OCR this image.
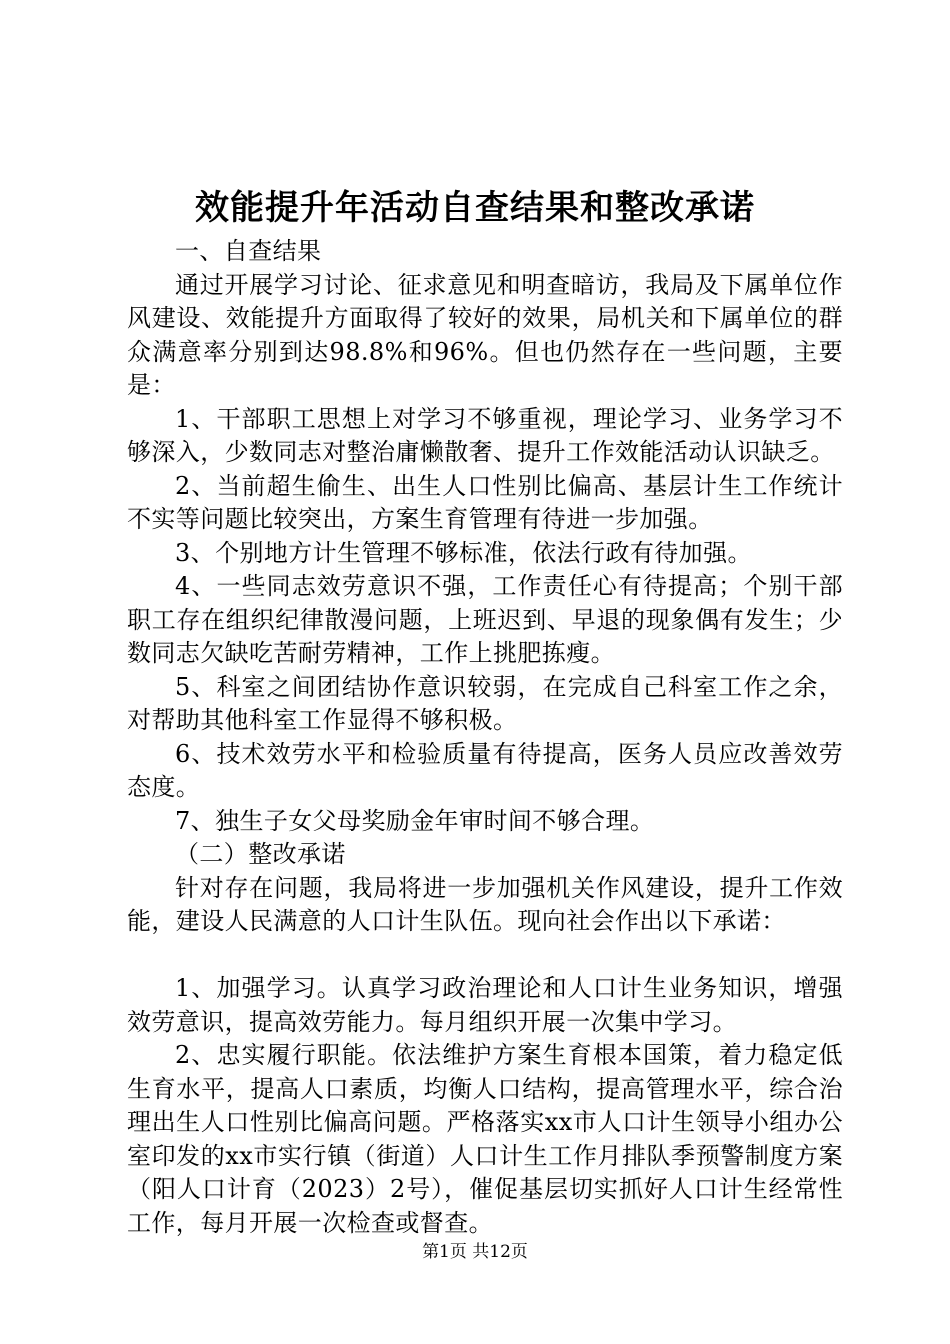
效能提升年活动自查结果和整改承诺

一、自查结果

通过开展学习讨论、征求意见和明查暗访，我局及下属单位作风建设、效能提升方面取得了较好的效果，局机关和下属单位的群众满意率分别到达98.8%和96%。但也仍然存在一些问题，主要是：

1、干部职工思想上对学习不够重视，理论学习、业务学习不够深入，少数同志对整治庸懒散奢、提升工作效能活动认识缺乏。

2、当前超生偷生、出生人口性别比偏高、基层计生工作统计不实等问题比较突出，方案生育管理有待进一步加强。

3、个别地方计生管理不够标准，依法行政有待加强。

4、一些同志效劳意识不强，工作责任心有待提高；个别干部职工存在组织纪律散漫问题，上班迟到、早退的现象偶有发生；少数同志欠缺吃苦耐劳精神，工作上挑肥拣瘦。

5、科室之间团结协作意识较弱，在完成自己科室工作之余，对帮助其他科室工作显得不够积极。

6、技术效劳水平和检验质量有待提高，医务人员应改善效劳态度。

7、独生子女父母奖励金年审时间不够合理。

（二）整改承诺

针对存在问题，我局将进一步加强机关作风建设，提升工作效能，建设人民满意的人口计生队伍。现向社会作出以下承诺：

1、加强学习。认真学习政治理论和人口计生业务知识，增强效劳意识，提高效劳能力。每月组织开展一次集中学习。

2、忠实履行职能。依法维护方案生育根本国策，着力稳定低生育水平，提高人口素质，均衡人口结构，提高管理水平，综合治理出生人口性别比偏高问题。严格落实xx市人口计生领导小组办公室印发的xx市实行镇（街道）人口计生工作月排队季预警制度方案（阳人口计育（2023）2号），催促基层切实抓好人口计生经常性工作，每月开展一次检查或督查。

第1页 共12页
